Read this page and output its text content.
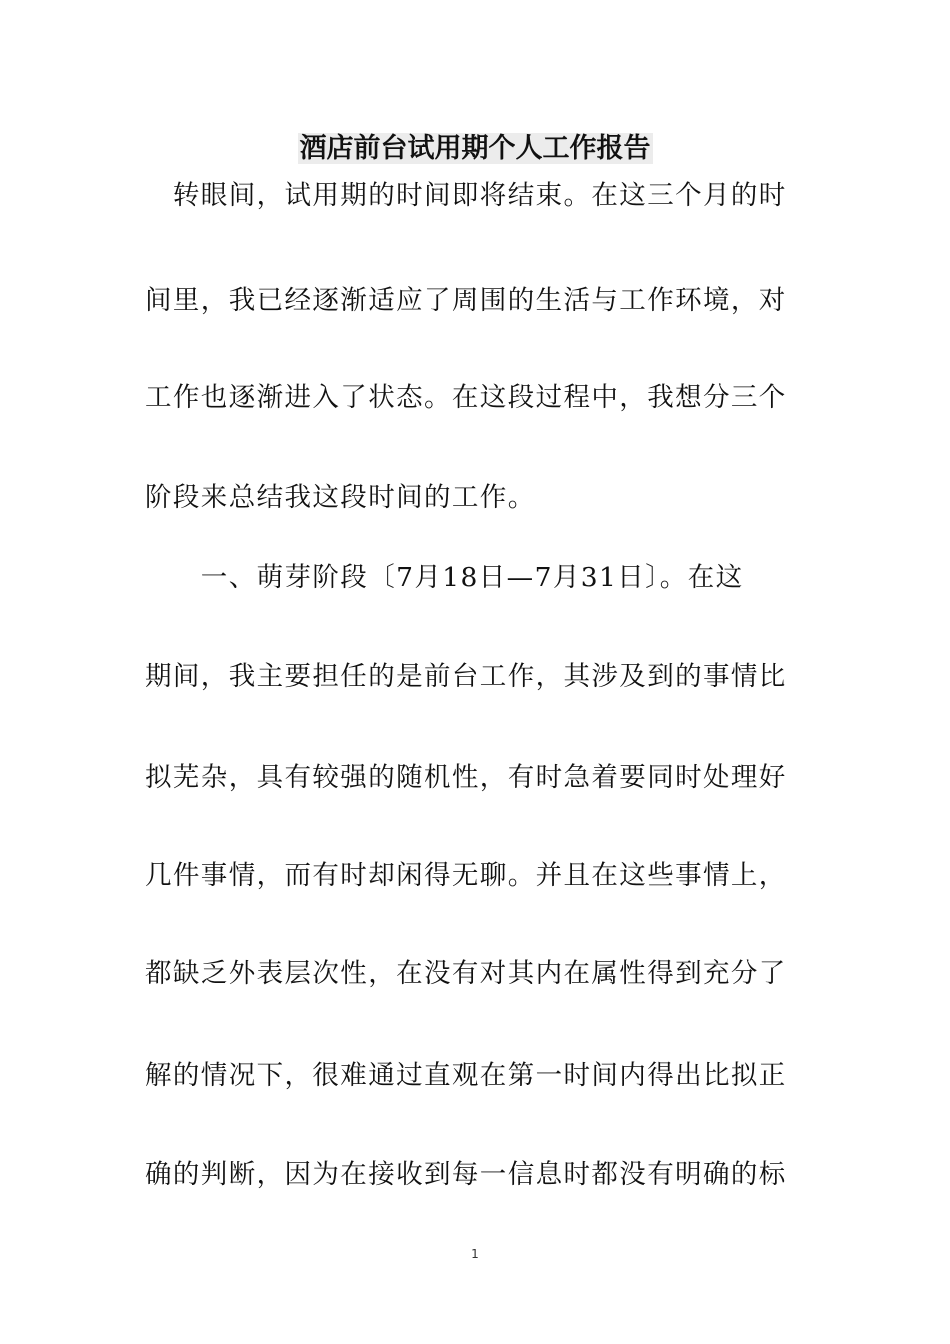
酒店前台试用期个人工作报告
　转眼间，试用期的时间即将结束。在这三个月的时
间里，我已经逐渐适应了周围的生活与工作环境，对
工作也逐渐进入了状态。在这段过程中，我想分三个
阶段来总结我这段时间的工作。
　　一、萌芽阶段〔7月18日—7月31日〕。在这
期间，我主要担任的是前台工作，其涉及到的事情比
拟芜杂，具有较强的随机性，有时急着要同时处理好
几件事情，而有时却闲得无聊。并且在这些事情上，
都缺乏外表层次性，在没有对其内在属性得到充分了
解的情况下，很难通过直观在第一时间内得出比拟正
确的判断，因为在接收到每一信息时都没有明确的标
1
